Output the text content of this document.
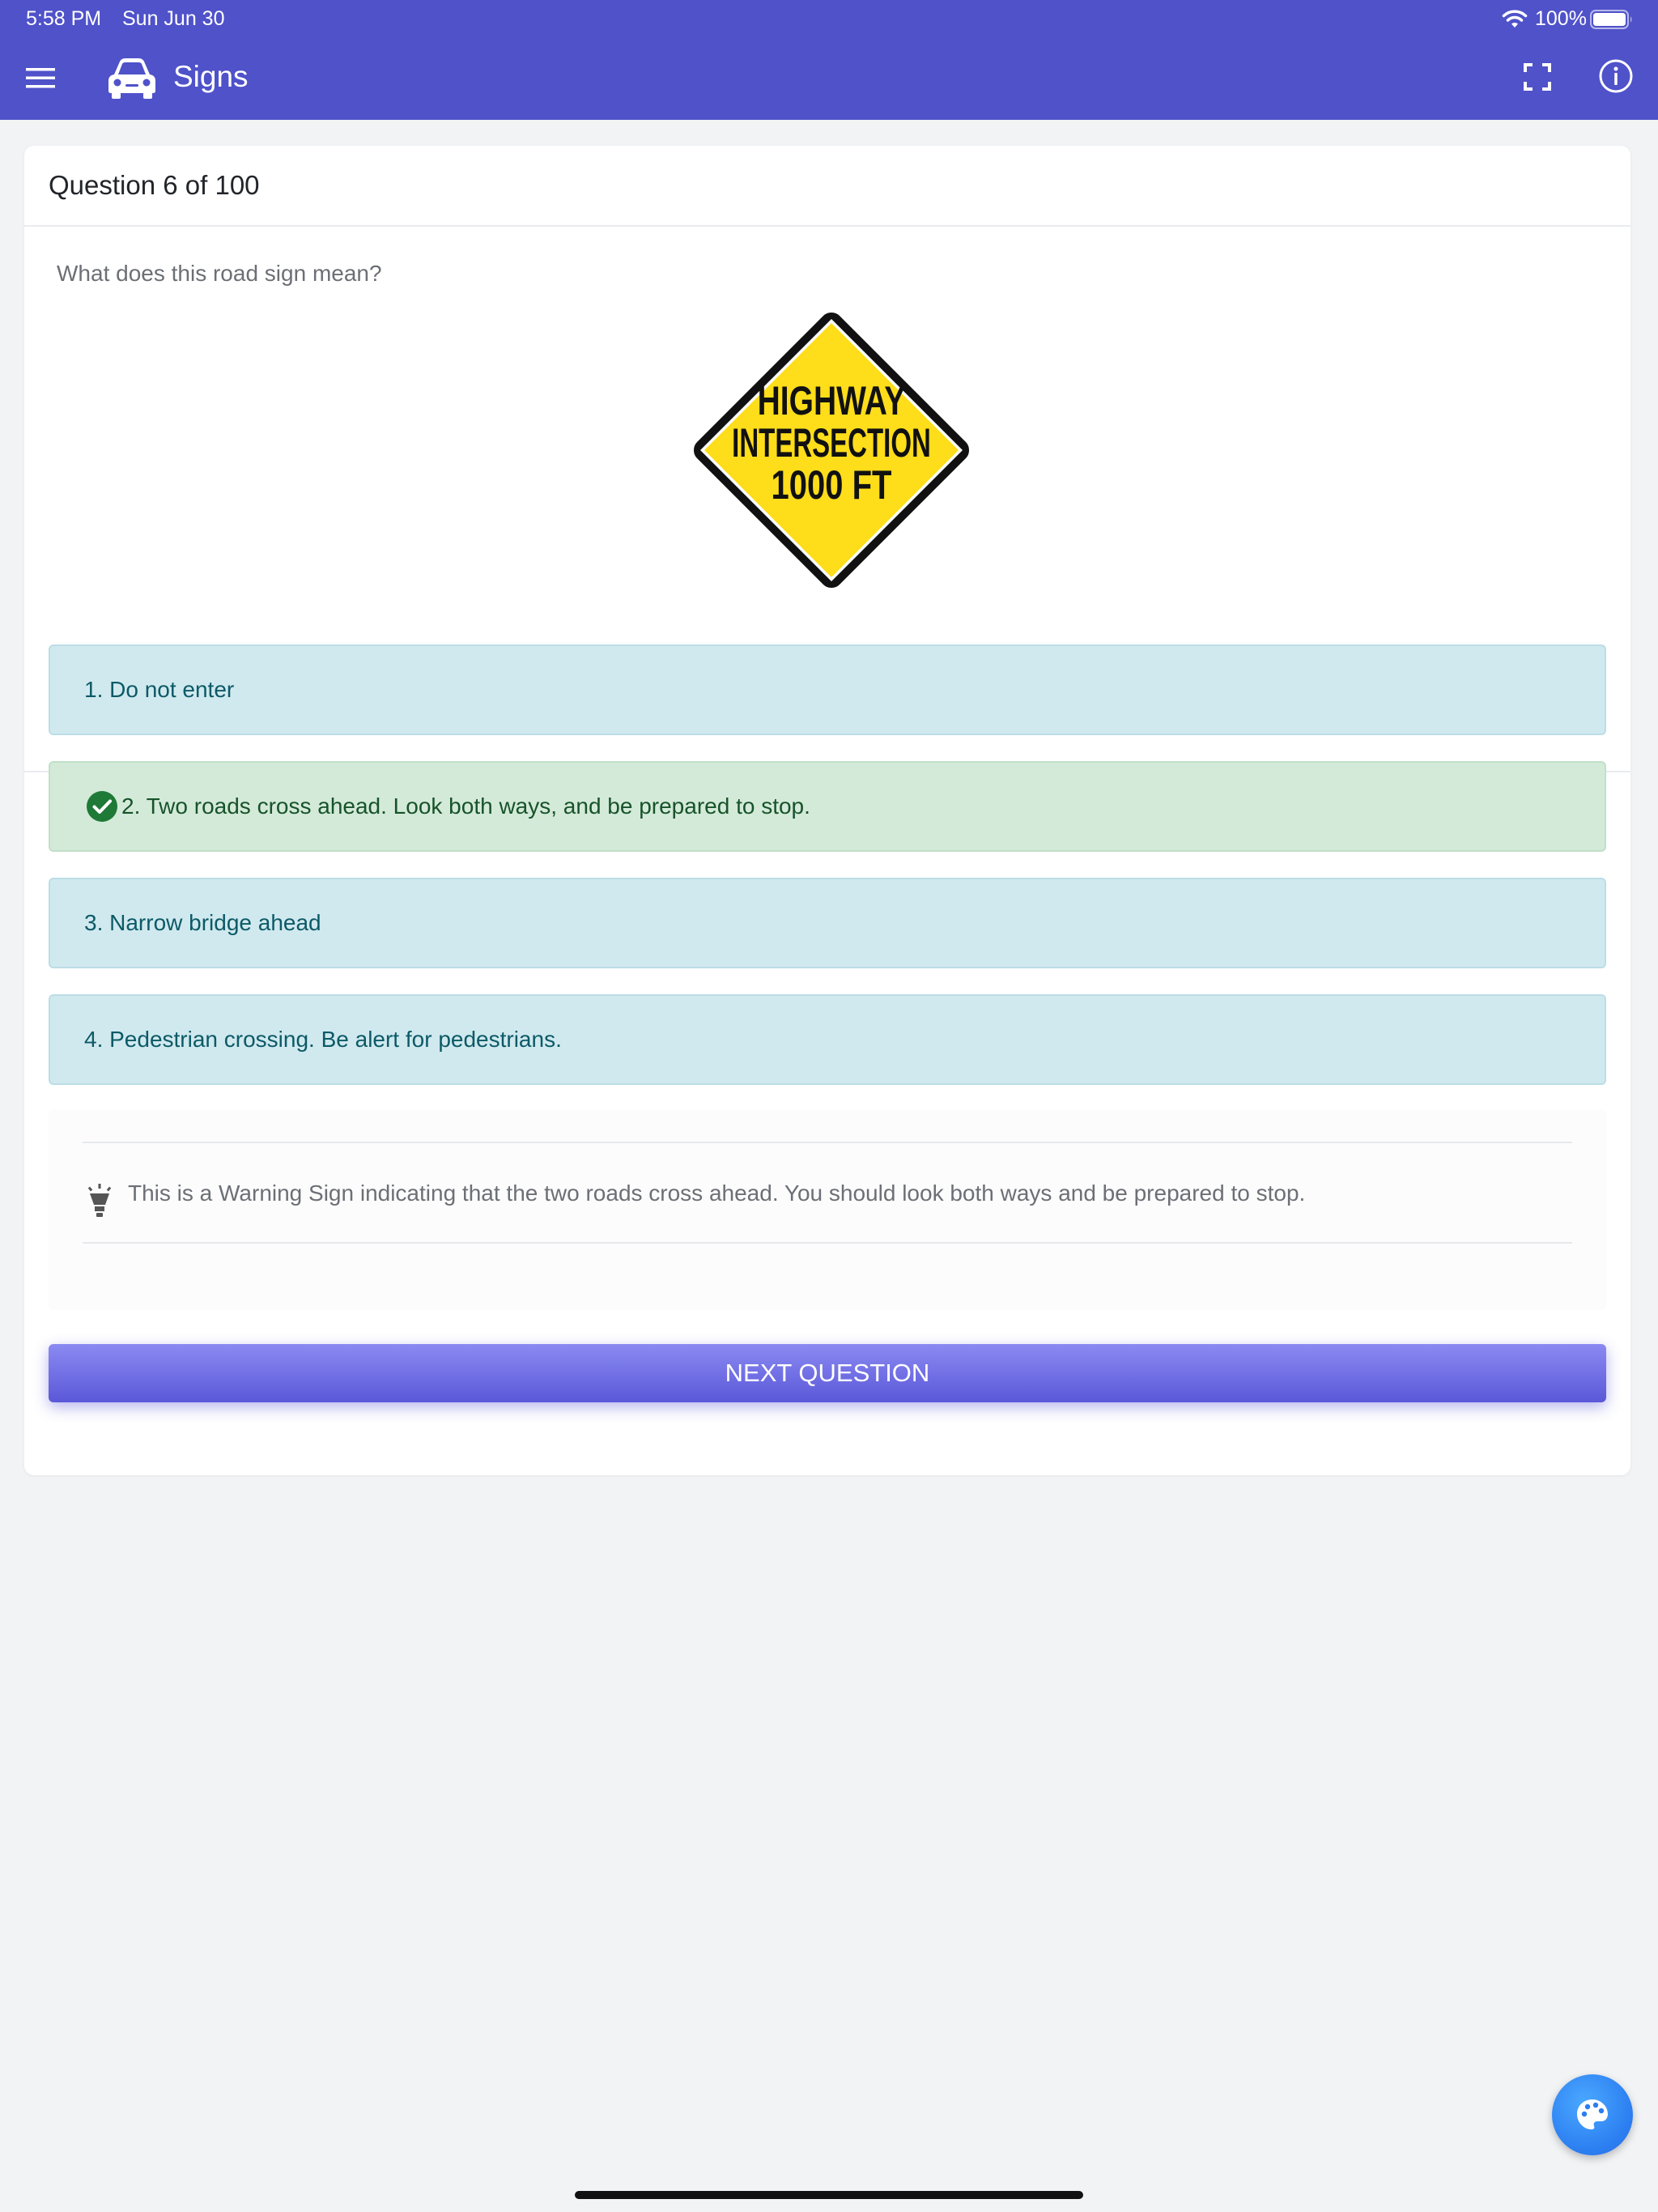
5:58 PM Sun Jun 30	100%
Signs
Question 6 of 100
What does this road sign mean?
HIGHWAY
INTERSECTION
1000 FT
1. Do not enter
2. Two roads cross ahead. Look both ways, and be prepared to stop.
3. Narrow bridge ahead
4. Pedestrian crossing. Be alert for pedestrians.
This is a Warning Sign indicating that the two roads cross ahead. You should look both ways and be prepared to stop.
NEXT QUESTION
